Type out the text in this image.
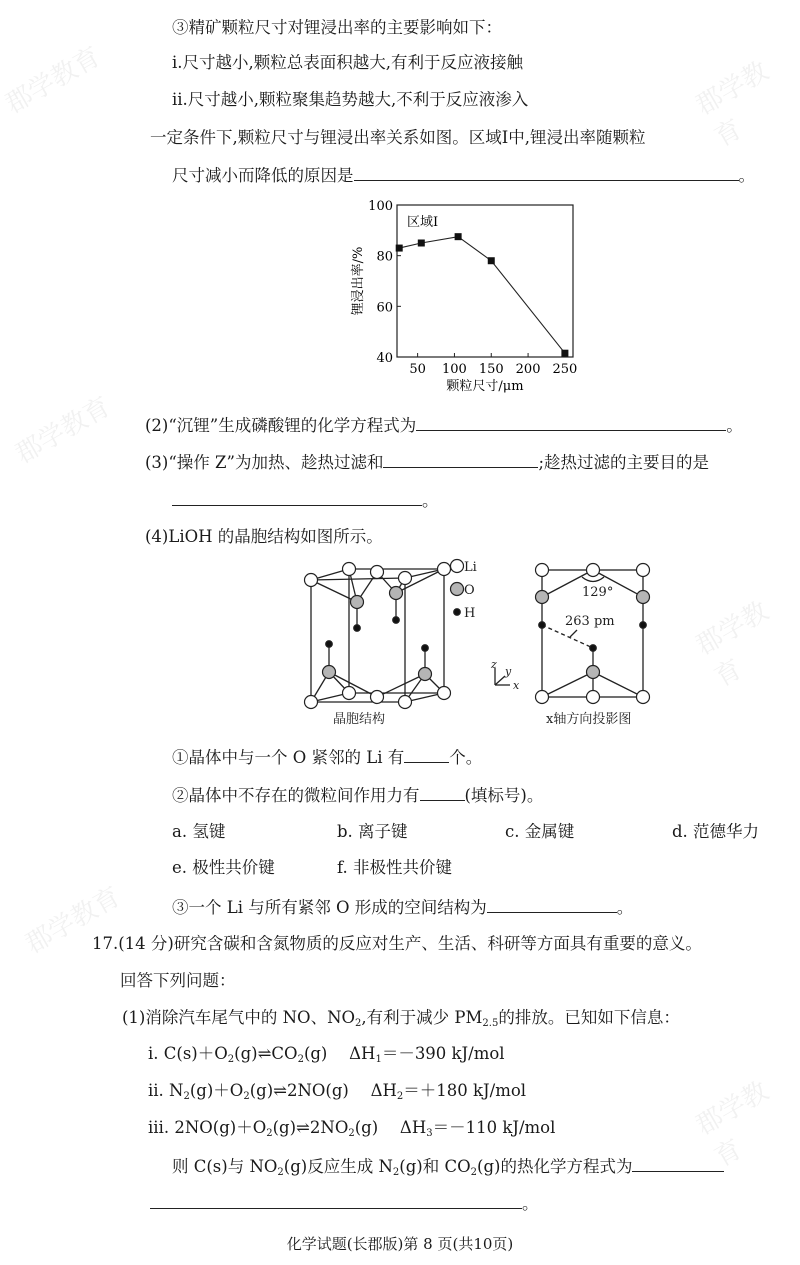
郡学教育	郡学教育
郡学教育
郡学教育
郡学教育
郡学教育
③精矿颗粒尺寸对锂浸出率的主要影响如下：
ⅰ.尺寸越小,颗粒总表面积越大,有利于反应液接触
ⅱ.尺寸越小,颗粒聚集趋势越大,不利于反应液渗入
一定条件下,颗粒尺寸与锂浸出率关系如图。区域Ⅰ中,锂浸出率随颗粒
尺寸减小而降低的原因是	。
50 100 150 200 250
40
60
80
100
区域Ⅰ
颗粒尺寸/μm
锂浸出率/%
(2)“沉锂”生成磷酸锂的化学方程式为	。
(3)“操作 Z”为加热、趁热过滤和	;趁热过滤的主要目的是
。
(4)LiOH 的晶胞结构如图所示。
Li
O
H
129°
263 pm
z
y
x
晶胞结构	x轴方向投影图
①晶体中与一个 O 紧邻的 Li 有	个。
②晶体中不存在的微粒间作用力有	(填标号)。
a. 氢键	b. 离子键	c. 金属键	d. 范德华力
e. 极性共价键	f. 非极性共价键
③一个 Li 与所有紧邻 O 形成的空间结构为	。
17.(14 分)研究含碳和含氮物质的反应对生产、生活、科研等方面具有重要的意义。
回答下列问题：
(1)消除汽车尾气中的 NO、$NO_2$,有利于减少 $PM_{2.5}$的排放。已知如下信息：
ⅰ. $C(s)+O_2(g)\rightleftharpoons CO_2(g)$　 $\Delta H_1=-390$ kJ/mol
ⅱ. $N_2(g)+O_2(g)\rightleftharpoons 2NO(g)$　 $\Delta H_2=+180$ kJ/mol
ⅲ. $2NO(g)+O_2(g)\rightleftharpoons 2NO_2(g)$　 $\Delta H_3=-110$ kJ/mol
则 C(s)与 $NO_2(g)$反应生成 $N_2(g)$和 $CO_2(g)$的热化学方程式为
。
化学试题(长郡版)第 8 页(共10页)
